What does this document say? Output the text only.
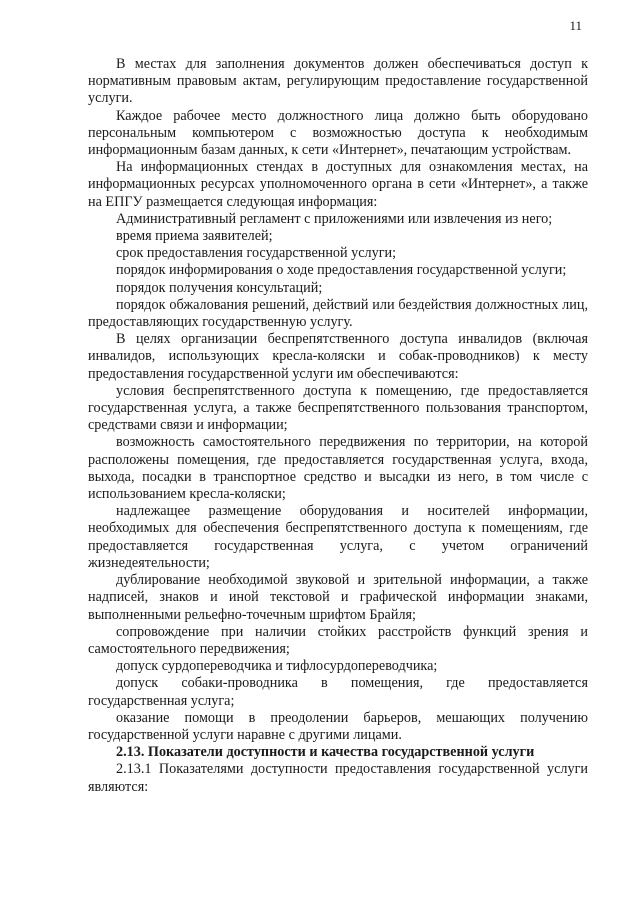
11

В местах для заполнения документов должен обеспечиваться доступ к нормативным правовым актам, регулирующим предоставление государственной услуги.

Каждое рабочее место должностного лица должно быть оборудовано персональным компьютером с возможностью доступа к необходимым информационным базам данных, к сети «Интернет», печатающим устройствам.

На информационных стендах в доступных для ознакомления местах, на информационных ресурсах уполномоченного органа в сети «Интернет», а также на ЕПГУ размещается следующая информация:

Административный регламент с приложениями или извлечения из него;

время приема заявителей;

срок предоставления государственной услуги;

порядок информирования о ходе предоставления государственной услуги;

порядок получения консультаций;

порядок обжалования решений, действий или бездействия должностных лиц, предоставляющих государственную услугу.

В целях организации беспрепятственного доступа инвалидов (включая инвалидов, использующих кресла-коляски и собак-проводников) к месту предоставления государственной услуги им обеспечиваются:

условия беспрепятственного доступа к помещению, где предоставляется государственная услуга, а также беспрепятственного пользования транспортом, средствами связи и информации;

возможность самостоятельного передвижения по территории, на которой расположены помещения, где предоставляется государственная услуга, входа, выхода, посадки в транспортное средство и высадки из него, в том числе с использованием кресла-коляски;

надлежащее размещение оборудования и носителей информации, необходимых для обеспечения беспрепятственного доступа к помещениям, где предоставляется государственная услуга, с учетом ограничений жизнедеятельности;

дублирование необходимой звуковой и зрительной информации, а также надписей, знаков и иной текстовой и графической информации знаками, выполненными рельефно-точечным шрифтом Брайля;

сопровождение при наличии стойких расстройств функций зрения и самостоятельного передвижения;

допуск сурдопереводчика и тифлосурдопереводчика;

допуск собаки-проводника в помещения, где предоставляется государственная услуга;

оказание помощи в преодолении барьеров, мешающих получению государственной услуги наравне с другими лицами.

2.13. Показатели доступности и качества государственной услуги

2.13.1 Показателями доступности предоставления государственной услуги являются:
